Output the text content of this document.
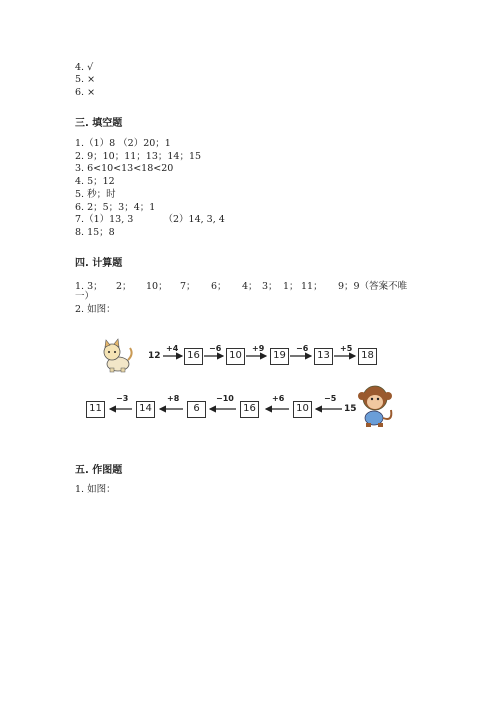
4. √
5. ×
6. ×
三. 填空题
1.（1）8 （2）20；1
2. 9；10；11；13；14；15
3. 6<10<13<18<20
4. 5；12
5. 秒；时
6. 2；5；3；4；1
7.（1）13, 3          （2）14, 3, 4
8. 15；8
四. 计算题
1. 3； 2； 10； 7； 6； 4； 3； 1； 11； 9；9（答案不唯
一）
2. 如图：
12
+4
16
−6
10
+9
19
−6
13
+5
18
15
−5
10
+6
16
−10
6
+8
14
−3
11
五. 作图题
1. 如图：
